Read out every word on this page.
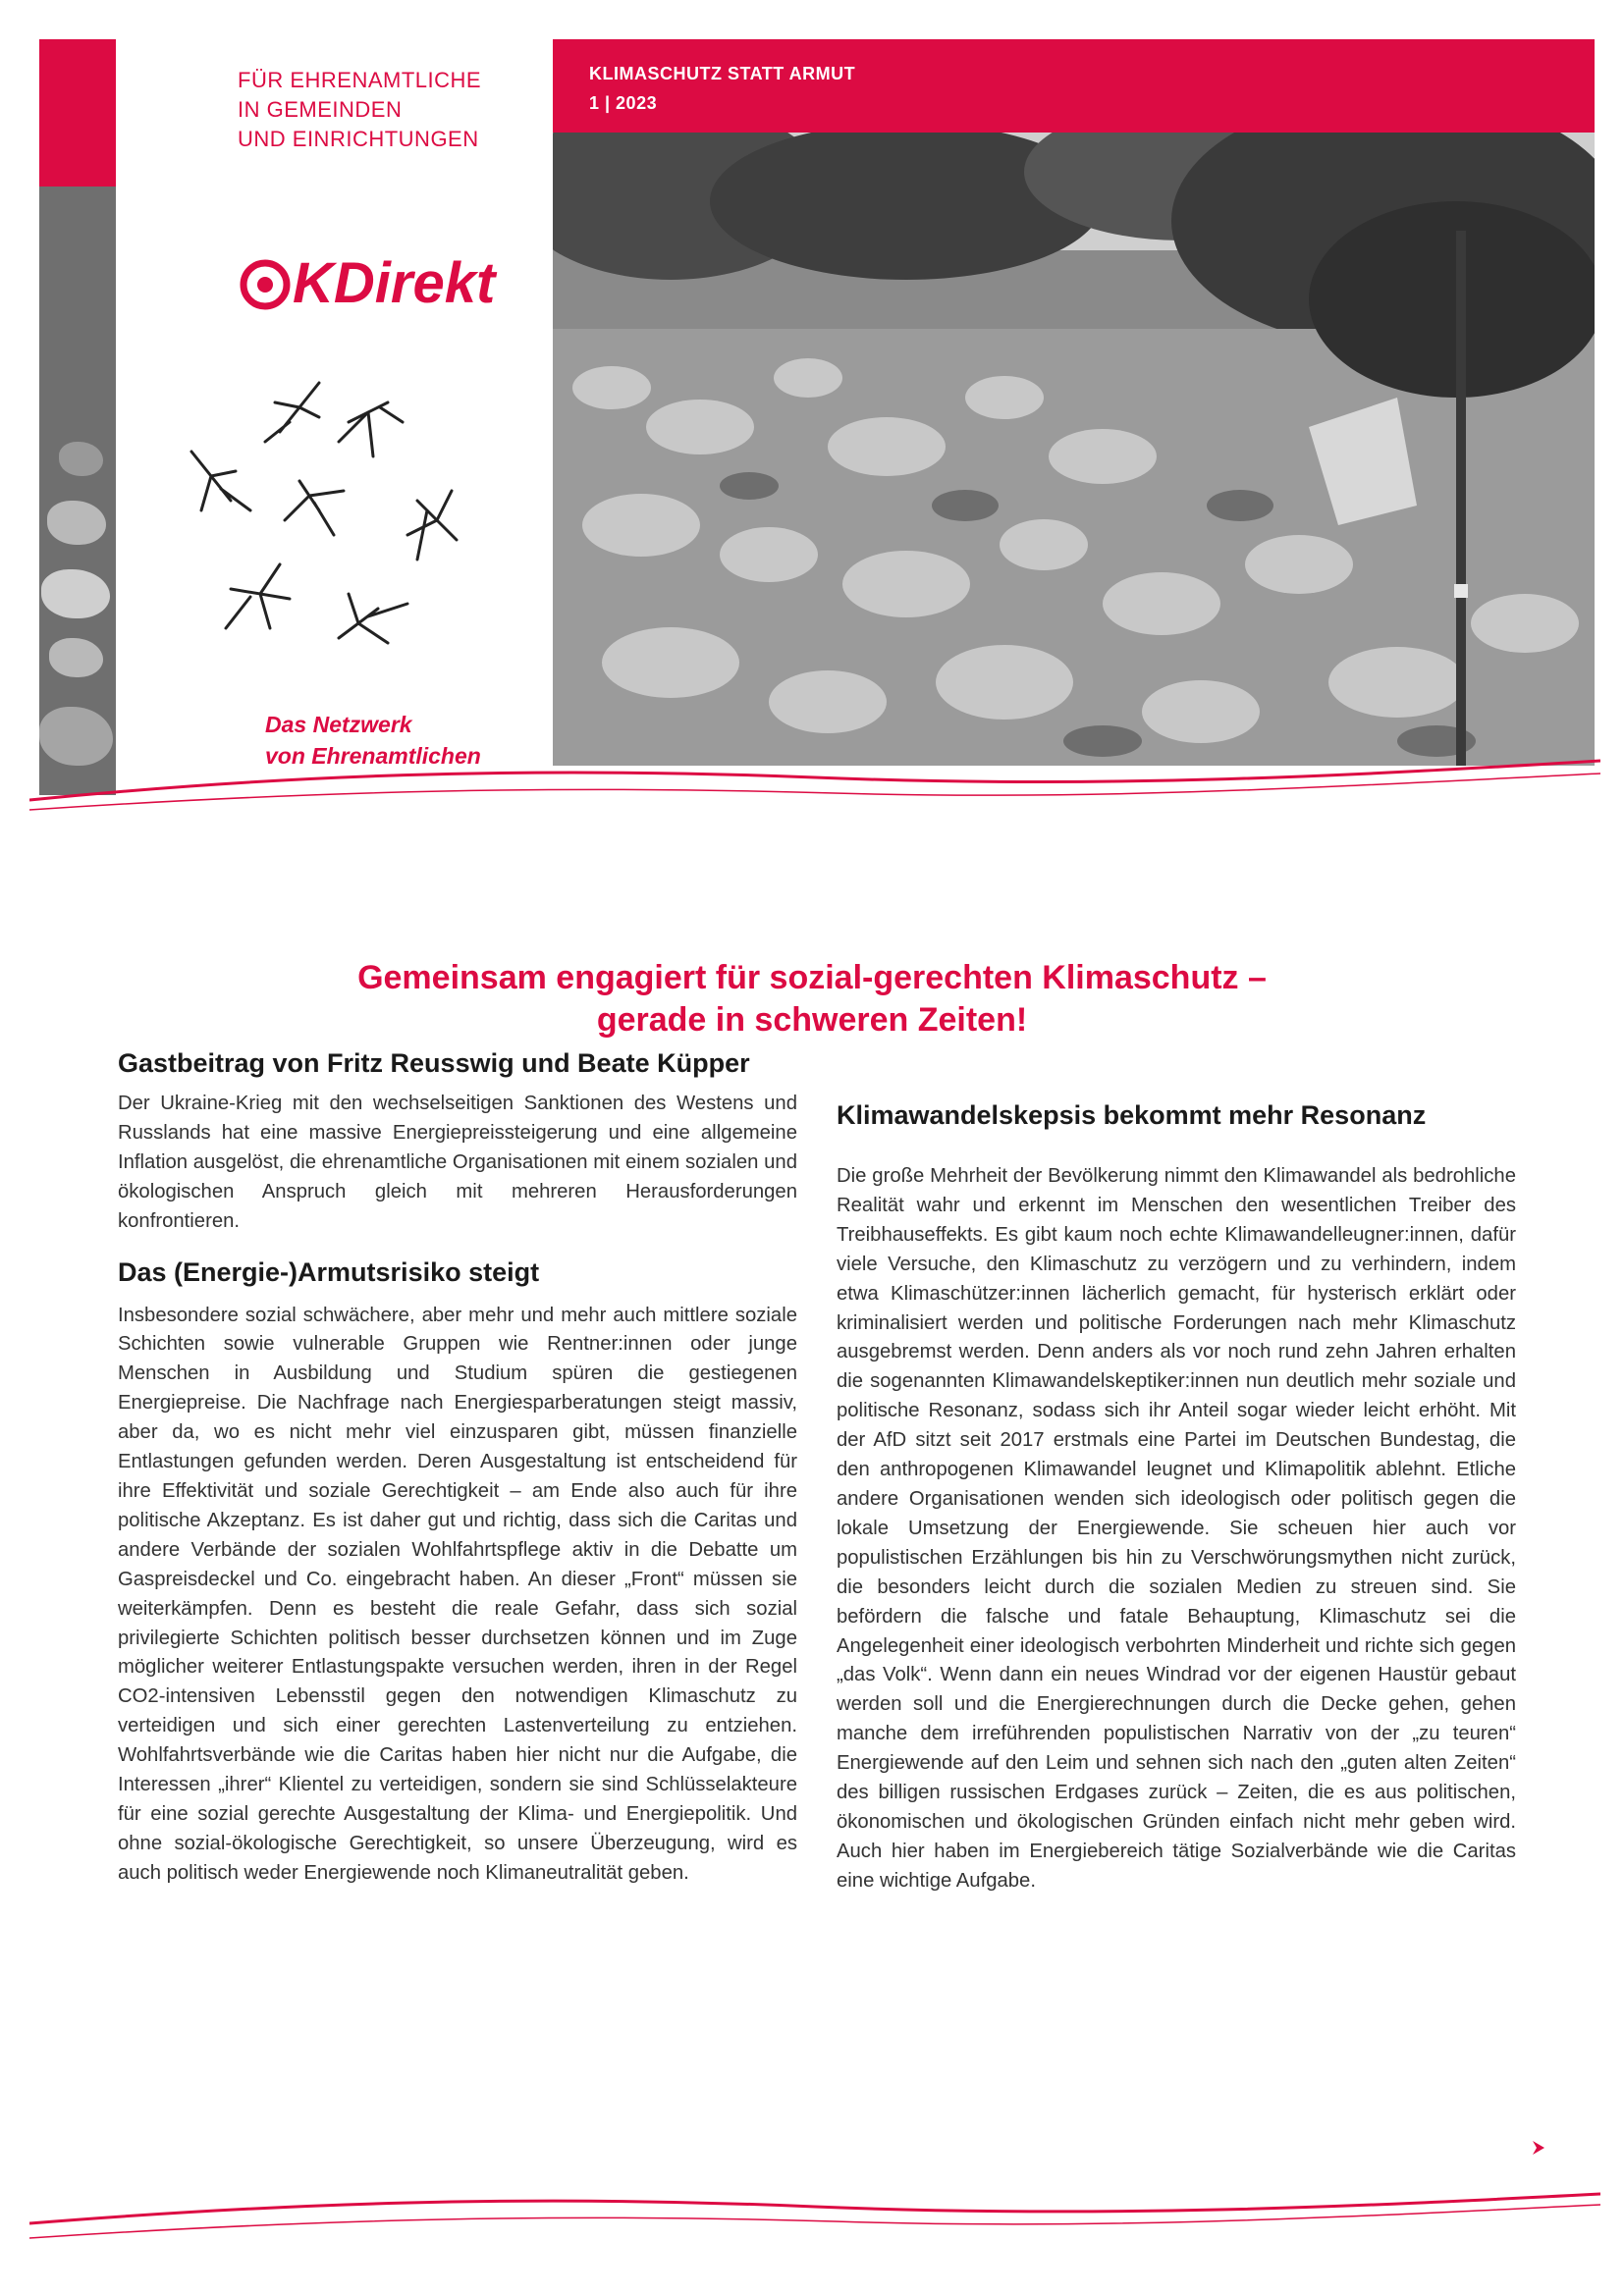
FÜR EHRENAMTLICHE
IN GEMEINDEN
UND EINRICHTUNGEN
KLIMASCHUTZ STATT ARMUT
1 | 2023
KDirekt
Das Netzwerk
von Ehrenamtlichen
Gemeinsam engagiert für sozial-gerechten Klimaschutz –
gerade in schweren Zeiten!
Gastbeitrag von Fritz Reusswig und Beate Küpper

Der Ukraine-Krieg mit den wechselseitigen Sanktionen des Westens und Russlands hat eine massive Energiepreissteigerung und eine allgemeine Inflation ausgelöst, die ehrenamtliche Organisationen mit einem sozialen und ökologischen Anspruch gleich mit mehreren Herausforderungen konfrontieren.

Das (Energie-)Armutsrisiko steigt

Insbesondere sozial schwächere, aber mehr und mehr auch mittlere soziale Schichten sowie vulnerable Gruppen wie Rentner:innen oder junge Menschen in Ausbildung und Studium spüren die gestiegenen Energiepreise. Die Nachfrage nach Energiesparberatungen steigt massiv, aber da, wo es nicht mehr viel einzusparen gibt, müssen finanzielle Entlastungen gefunden werden. Deren Ausgestaltung ist entscheidend für ihre Effektivität und soziale Gerechtigkeit – am Ende also auch für ihre politische Akzeptanz. Es ist daher gut und richtig, dass sich die Caritas und andere Verbände der sozialen Wohlfahrtspflege aktiv in die Debatte um Gaspreisdeckel und Co. eingebracht haben. An dieser „Front“ müssen sie weiterkämpfen. Denn es besteht die reale Gefahr, dass sich sozial privilegierte Schichten politisch besser durchsetzen können und im Zuge möglicher weiterer Entlastungspakte versuchen werden, ihren in der Regel CO2-intensiven Lebensstil gegen den notwendigen Klimaschutz zu verteidigen und sich einer gerechten Lastenverteilung zu entziehen. Wohlfahrtsverbände wie die Caritas haben hier nicht nur die Aufgabe, die Interessen „ihrer“ Klientel zu verteidigen, sondern sie sind Schlüsselakteure für eine sozial gerechte Ausgestaltung der Klima- und Energiepolitik. Und ohne sozial-ökologische Gerechtigkeit, so unsere Überzeugung, wird es auch politisch weder Energiewende noch Klimaneutralität geben.

Klimawandelskepsis bekommt mehr Resonanz

Die große Mehrheit der Bevölkerung nimmt den Klimawandel als bedrohliche Realität wahr und erkennt im Menschen den wesentlichen Treiber des Treibhauseffekts. Es gibt kaum noch echte Klimawandelleugner:innen, dafür viele Versuche, den Klimaschutz zu verzögern und zu verhindern, indem etwa Klimaschützer:innen lächerlich gemacht, für hysterisch erklärt oder kriminalisiert werden und politische Forderungen nach mehr Klimaschutz ausgebremst werden. Denn anders als vor noch rund zehn Jahren erhalten die sogenannten Klimawandelskeptiker:innen nun deutlich mehr soziale und politische Resonanz, sodass sich ihr Anteil sogar wieder leicht erhöht. Mit der AfD sitzt seit 2017 erstmals eine Partei im Deutschen Bundestag, die den anthropogenen Klimawandel leugnet und Klimapolitik ablehnt. Etliche andere Organisationen wenden sich ideologisch oder politisch gegen die lokale Umsetzung der Energiewende. Sie scheuen hier auch vor populistischen Erzählungen bis hin zu Verschwörungsmythen nicht zurück, die besonders leicht durch die sozialen Medien zu streuen sind. Sie befördern die falsche und fatale Behauptung, Klimaschutz sei die Angelegenheit einer ideologisch verbohrten Minderheit und richte sich gegen „das Volk“. Wenn dann ein neues Windrad vor der eigenen Haustür gebaut werden soll und die Energierechnungen durch die Decke gehen, gehen manche dem irreführenden populistischen Narrativ von der „zu teuren“ Energiewende auf den Leim und sehnen sich nach den „guten alten Zeiten“ des billigen russischen Erdgases zurück – Zeiten, die es aus politischen, ökonomischen und ökologischen Gründen einfach nicht mehr geben wird. Auch hier haben im Energiebereich tätige Sozialverbände wie die Caritas eine wichtige Aufgabe.
